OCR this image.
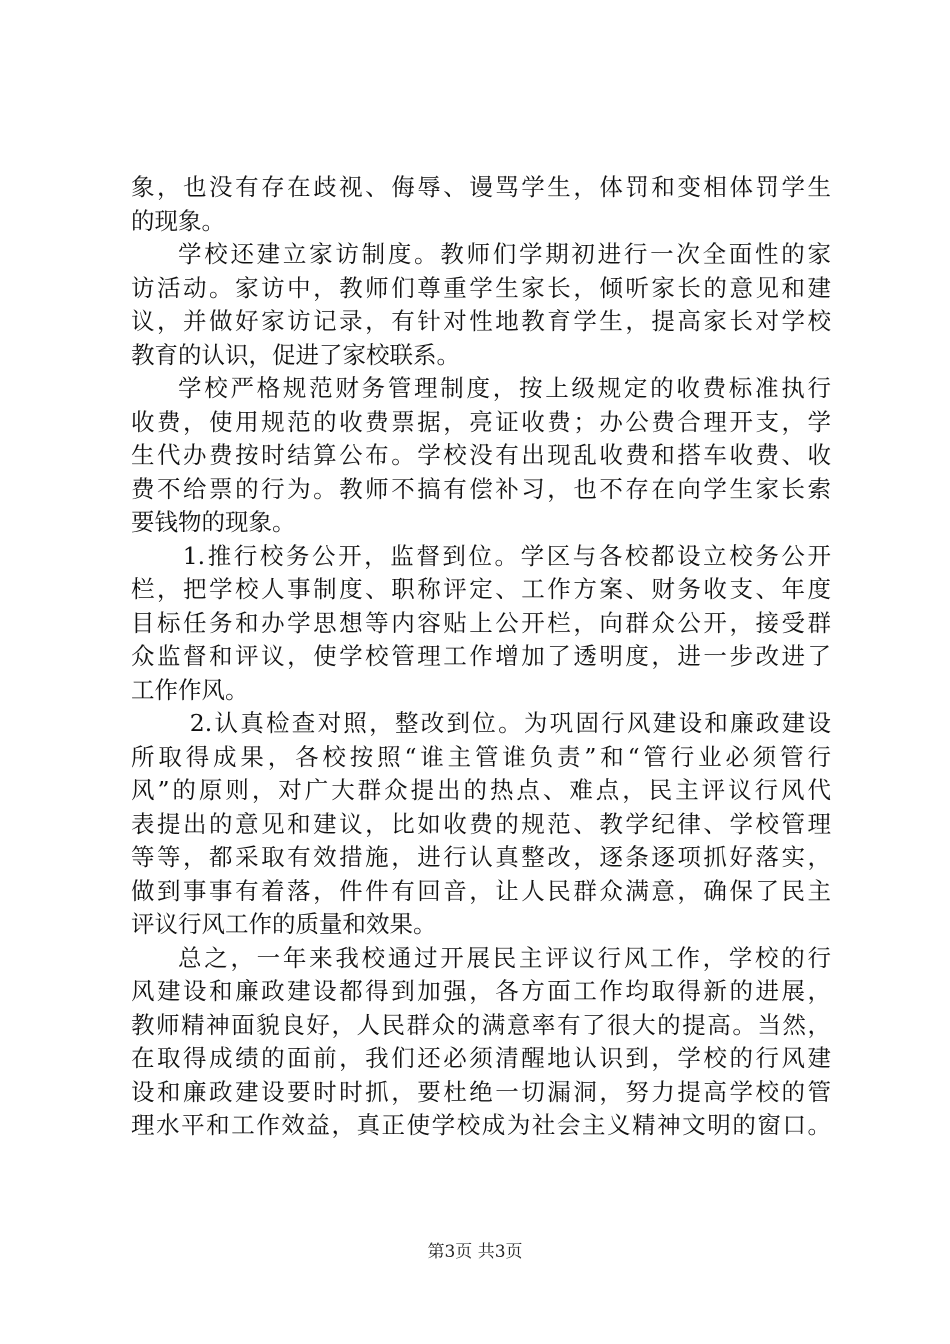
象，也没有存在歧视、侮辱、谩骂学生，体罚和变相体罚学生
的现象。
学校还建立家访制度。教师们学期初进行一次全面性的家
访活动。家访中，教师们尊重学生家长，倾听家长的意见和建
议，并做好家访记录，有针对性地教育学生，提高家长对学校
教育的认识，促进了家校联系。
学校严格规范财务管理制度，按上级规定的收费标准执行
收费，使用规范的收费票据，亮证收费；办公费合理开支，学
生代办费按时结算公布。学校没有出现乱收费和搭车收费、收
费不给票的行为。教师不搞有偿补习，也不存在向学生家长索
要钱物的现象。
1.推行校务公开，监督到位。学区与各校都设立校务公开
栏，把学校人事制度、职称评定、工作方案、财务收支、年度
目标任务和办学思想等内容贴上公开栏，向群众公开，接受群
众监督和评议，使学校管理工作增加了透明度，进一步改进了
工作作风。
2.认真检查对照，整改到位。为巩固行风建设和廉政建设
所取得成果，各校按照“谁主管谁负责”和“管行业必须管行
风”的原则，对广大群众提出的热点、难点，民主评议行风代
表提出的意见和建议，比如收费的规范、教学纪律、学校管理
等等，都采取有效措施，进行认真整改，逐条逐项抓好落实，
做到事事有着落，件件有回音，让人民群众满意，确保了民主
评议行风工作的质量和效果。
总之，一年来我校通过开展民主评议行风工作，学校的行
风建设和廉政建设都得到加强，各方面工作均取得新的进展，
教师精神面貌良好，人民群众的满意率有了很大的提高。当然，
在取得成绩的面前，我们还必须清醒地认识到，学校的行风建
设和廉政建设要时时抓，要杜绝一切漏洞，努力提高学校的管
理水平和工作效益，真正使学校成为社会主义精神文明的窗口。
第3页 共3页
